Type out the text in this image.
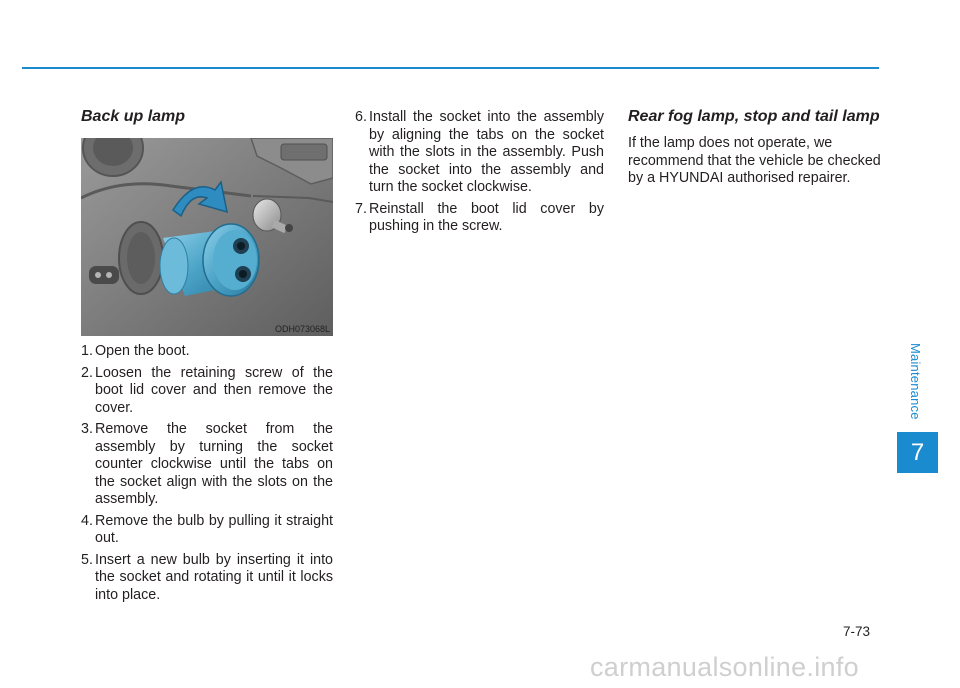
Back up lamp
ODH073068L
1. Open the boot.
2. Loosen the retaining screw of the boot lid cover and then remove the cover.
3. Remove the socket from the assembly by turning the socket counter clockwise until the tabs on the socket align with the slots on the assembly.
4. Remove the bulb by pulling it straight out.
5. Insert a new bulb by inserting it into the socket and rotating it until it locks into place.
6. Install the socket into the assembly by aligning the tabs on the socket with the slots in the assembly. Push the socket into the assembly and turn the socket clockwise.
7. Reinstall the boot lid cover by pushing in the screw.
Rear fog lamp, stop and tail lamp

If the lamp does not operate, we recommend that the vehicle be checked by a HYUNDAI authorised repairer.

Maintenance
7
7-73
carmanualsonline.info
